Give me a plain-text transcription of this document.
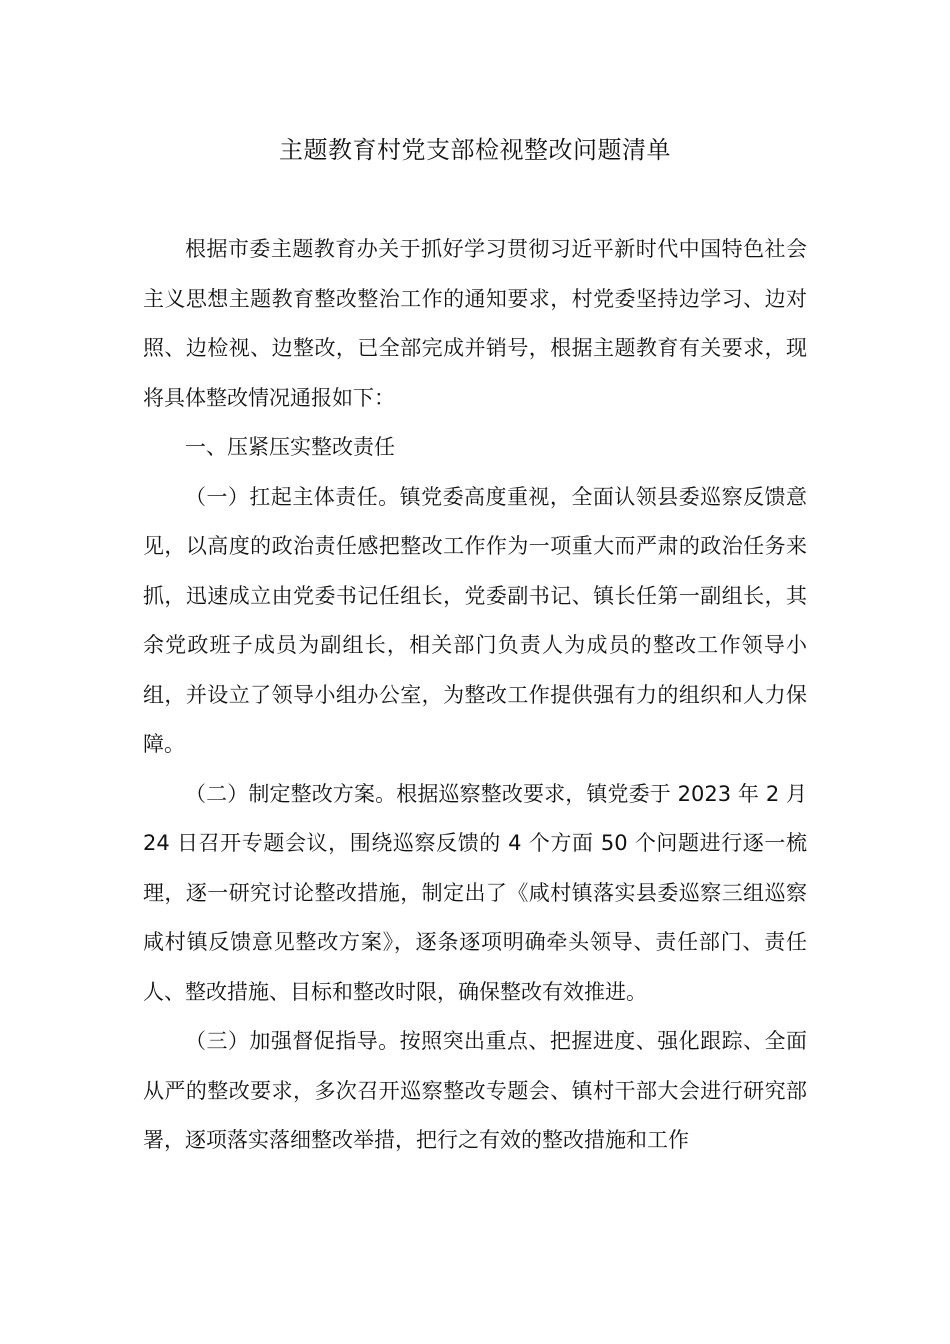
主题教育村党支部检视整改问题清单

根据市委主题教育办关于抓好学习贯彻习近平新时代中国特色社会主义思想主题教育整改整治工作的通知要求，村党委坚持边学习、边对照、边检视、边整改，已全部完成并销号，根据主题教育有关要求，现将具体整改情况通报如下：

一、压紧压实整改责任

（一）扛起主体责任。镇党委高度重视，全面认领县委巡察反馈意见，以高度的政治责任感把整改工作作为一项重大而严肃的政治任务来抓，迅速成立由党委书记任组长，党委副书记、镇长任第一副组长，其余党政班子成员为副组长，相关部门负责人为成员的整改工作领导小组，并设立了领导小组办公室，为整改工作提供强有力的组织和人力保障。

（二）制定整改方案。根据巡察整改要求，镇党委于 2023 年 2 月 24 日召开专题会议，围绕巡察反馈的 4 个方面 50 个问题进行逐一梳理，逐一研究讨论整改措施，制定出了《咸村镇落实县委巡察三组巡察咸村镇反馈意见整改方案》，逐条逐项明确牵头领导、责任部门、责任人、整改措施、目标和整改时限，确保整改有效推进。

（三）加强督促指导。按照突出重点、把握进度、强化跟踪、全面从严的整改要求，多次召开巡察整改专题会、镇村干部大会进行研究部署，逐项落实落细整改举措，把行之有效的整改措施和工作
